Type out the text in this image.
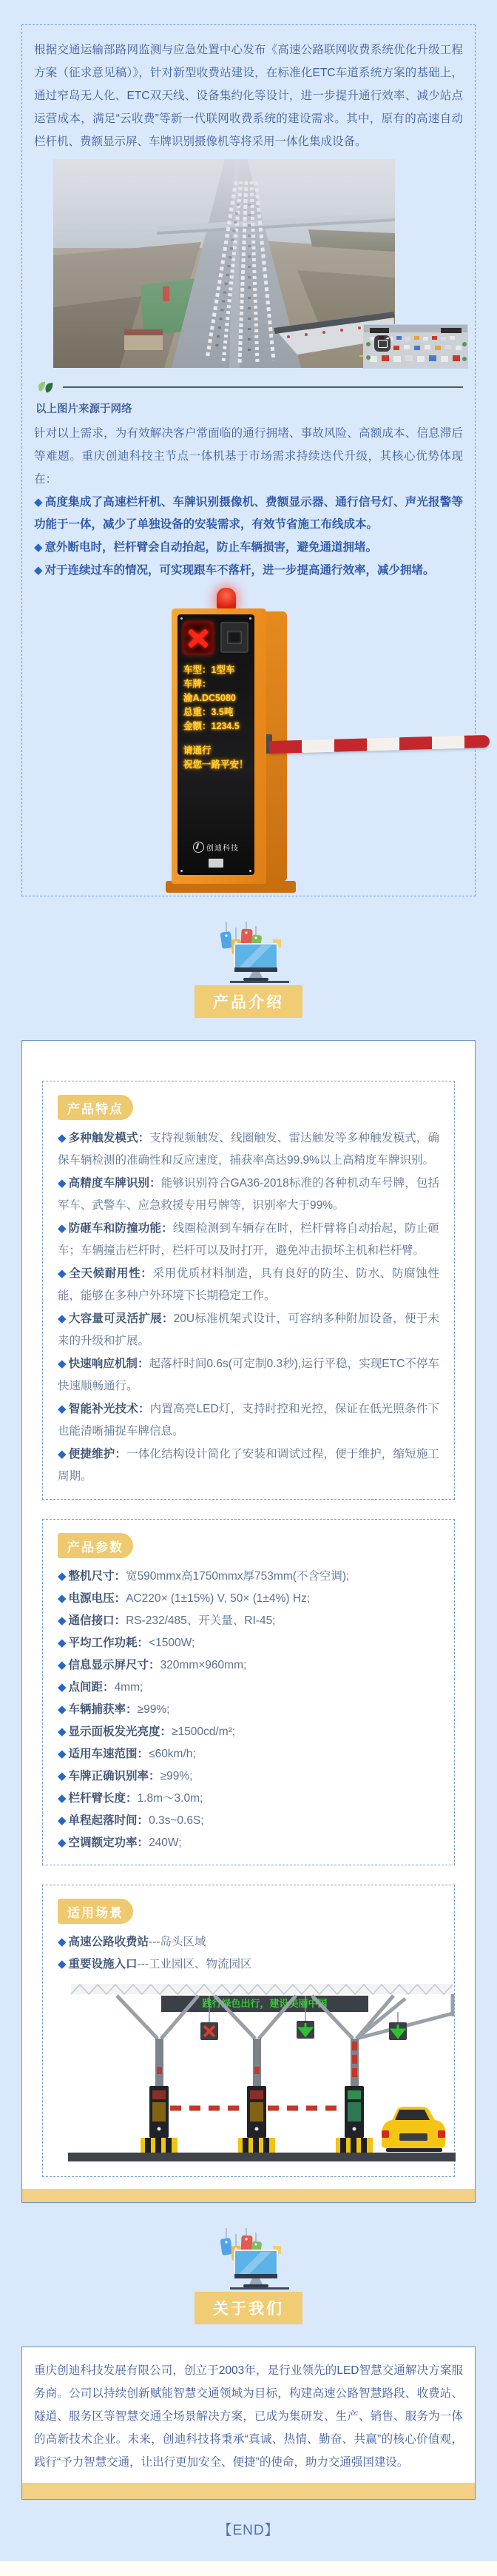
根据交通运输部路网监测与应急处置中心发布《高速公路联网收费系统优化升级工程方案（征求意见稿）》，针对新型收费站建设，在标准化ETC车道系统方案的基础上，通过窄岛无人化、ETC双天线、设备集约化等设计，进一步提升通行效率、减少站点运营成本，满足“云收费”等新一代联网收费系统的建设需求。其中，原有的高速自动栏杆机、费额显示屏、车牌识别摄像机等将采用一体化集成设备。

以上图片来源于网络

针对以上需求，为有效解决客户常面临的通行拥堵、事故风险、高额成本、信息滞后等难题。重庆创迪科技主节点一体机基于市场需求持续迭代升级，其核心优势体现在：

◆ 高度集成了高速栏杆机、车牌识别摄像机、费额显示器、通行信号灯、声光报警等功能于一体，减少了单独设备的安装需求，有效节省施工布线成本。

◆ 意外断电时，栏杆臂会自动抬起，防止车辆损害，避免通道拥堵。

◆ 对于连续过车的情况，可实现跟车不落杆，进一步提高通行效率，减少拥堵。

车型：1型车
车牌：
渝A.DC5080
总重：3.5吨
金额：1234.5
请通行
祝您一路平安！
创迪科技
产品介绍
产品特点

◆ 多种触发模式：支持视频触发、线圈触发、雷达触发等多种触发模式，确保车辆检测的准确性和反应速度，捕获率高达99.9%以上高精度车牌识别。

◆ 高精度车牌识别：能够识别符合GA36-2018标准的各种机动车号牌，包括军车、武警车、应急救援专用号牌等，识别率大于99%。

◆ 防砸车和防撞功能：线圈检测到车辆存在时，栏杆臂将自动抬起，防止砸车；车辆撞击栏杆时，栏杆可以及时打开，避免冲击损坏主机和栏杆臂。

◆ 全天候耐用性：采用优质材料制造，具有良好的防尘、防水、防腐蚀性能，能够在多种户外环境下长期稳定工作。

◆ 大容量可灵活扩展：20U标准机架式设计，可容纳多种附加设备，便于未来的升级和扩展。

◆ 快速响应机制：起落杆时间0.6s(可定制0.3秒),运行平稳，实现ETC不停车快速顺畅通行。

◆ 智能补光技术：内置高亮LED灯，支持时控和光控，保证在低光照条件下也能清晰捕捉车牌信息。

◆ 便捷维护：一体化结构设计简化了安装和调试过程，便于维护，缩短施工周期。

产品参数

◆ 整机尺寸：宽590mmx高1750mmx厚753mm(不含空调);

◆ 电源电压：AC220× (1±15%) V, 50× (1±4%) Hz;

◆ 通信接口：RS-232/485、开关量、RI-45;

◆ 平均工作功耗：<1500W;

◆ 信息显示屏尺寸：320mm×960mm;

◆ 点间距：4mm;

◆ 车辆捕获率：≥99%;

◆ 显示面板发光亮度：≥1500cd/m²;

◆ 适用车速范围：≤60km/h;

◆ 车牌正确识别率：≥99%;

◆ 栏杆臂长度：1.8m～3.0m;

◆ 单程起落时间：0.3s~0.6S;

◆ 空调额定功率：240W;

适用场景

◆ 高速公路收费站---岛头区域

◆ 重要设施入口---工业园区、物流园区

践行绿色出行，建设美丽中国
关于我们

重庆创迪科技发展有限公司，创立于2003年，是行业领先的LED智慧交通解决方案服务商。公司以持续创新赋能智慧交通领域为目标，构建高速公路智慧路段、收费站、隧道、服务区等智慧交通全场景解决方案，已成为集研发、生产、销售、服务为一体的高新技术企业。未来，创迪科技将秉承“真诚、热情、勤奋、共赢”的核心价值观，践行“予力智慧交通，让出行更加安全、便捷”的使命，助力交通强国建设。

【END】
